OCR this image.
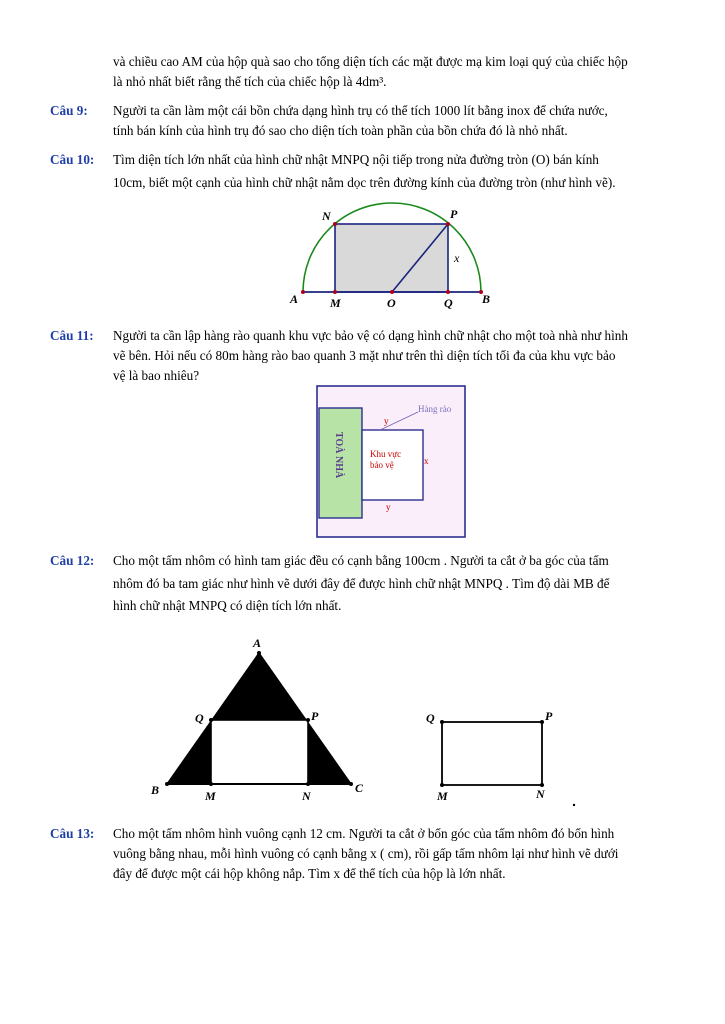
và chiều cao AM của hộp quà sao cho tổng diện tích các mặt được mạ kim loại quý của chiếc hộp
là nhỏ nhất biết rằng thể tích của chiếc hộp là 4dm³.
Câu 9: Người ta cần làm một cái bồn chứa dạng hình trụ có thể tích 1000 lít bằng inox để chứa nước,
tính bán kính của hình trụ đó sao cho diện tích toàn phần của bồn chứa đó là nhỏ nhất.
Câu 10: Tìm diện tích lớn nhất của hình chữ nhật MNPQ nội tiếp trong nửa đường tròn (O) bán kính
10cm, biết một cạnh của hình chữ nhật nằm dọc trên đường kính của đường tròn (như hình vẽ).
N	P
x
A	M	O	Q B
Câu 11: Người ta cần lập hàng rào quanh khu vực bảo vệ có dạng hình chữ nhật cho một toà nhà như hình
vẽ bên. Hỏi nếu có 80m hàng rào bao quanh 3 mặt như trên thì diện tích tối đa của khu vực bảo
vệ là bao nhiêu?
Hàng rào
TOÀ NHÀ	Khu vực
bảo vệ
y
x
y
Câu 12: Cho một tấm nhôm có hình tam giác đều có cạnh bằng 100cm . Người ta cắt ở ba góc của tấm
nhôm đó ba tam giác như hình vẽ dưới đây để được hình chữ nhật MNPQ . Tìm độ dài MB để
hình chữ nhật MNPQ có diện tích lớn nhất.
A
Q	P
B	M	N
C
Q	P
M	N
Câu 13: Cho một tấm nhôm hình vuông cạnh 12 cm. Người ta cắt ở bốn góc của tấm nhôm đó bốn hình
vuông bằng nhau, mỗi hình vuông có cạnh bằng x ( cm), rồi gấp tấm nhôm lại như hình vẽ dưới
đây để được một cái hộp không nắp. Tìm x để thể tích của hộp là lớn nhất.
